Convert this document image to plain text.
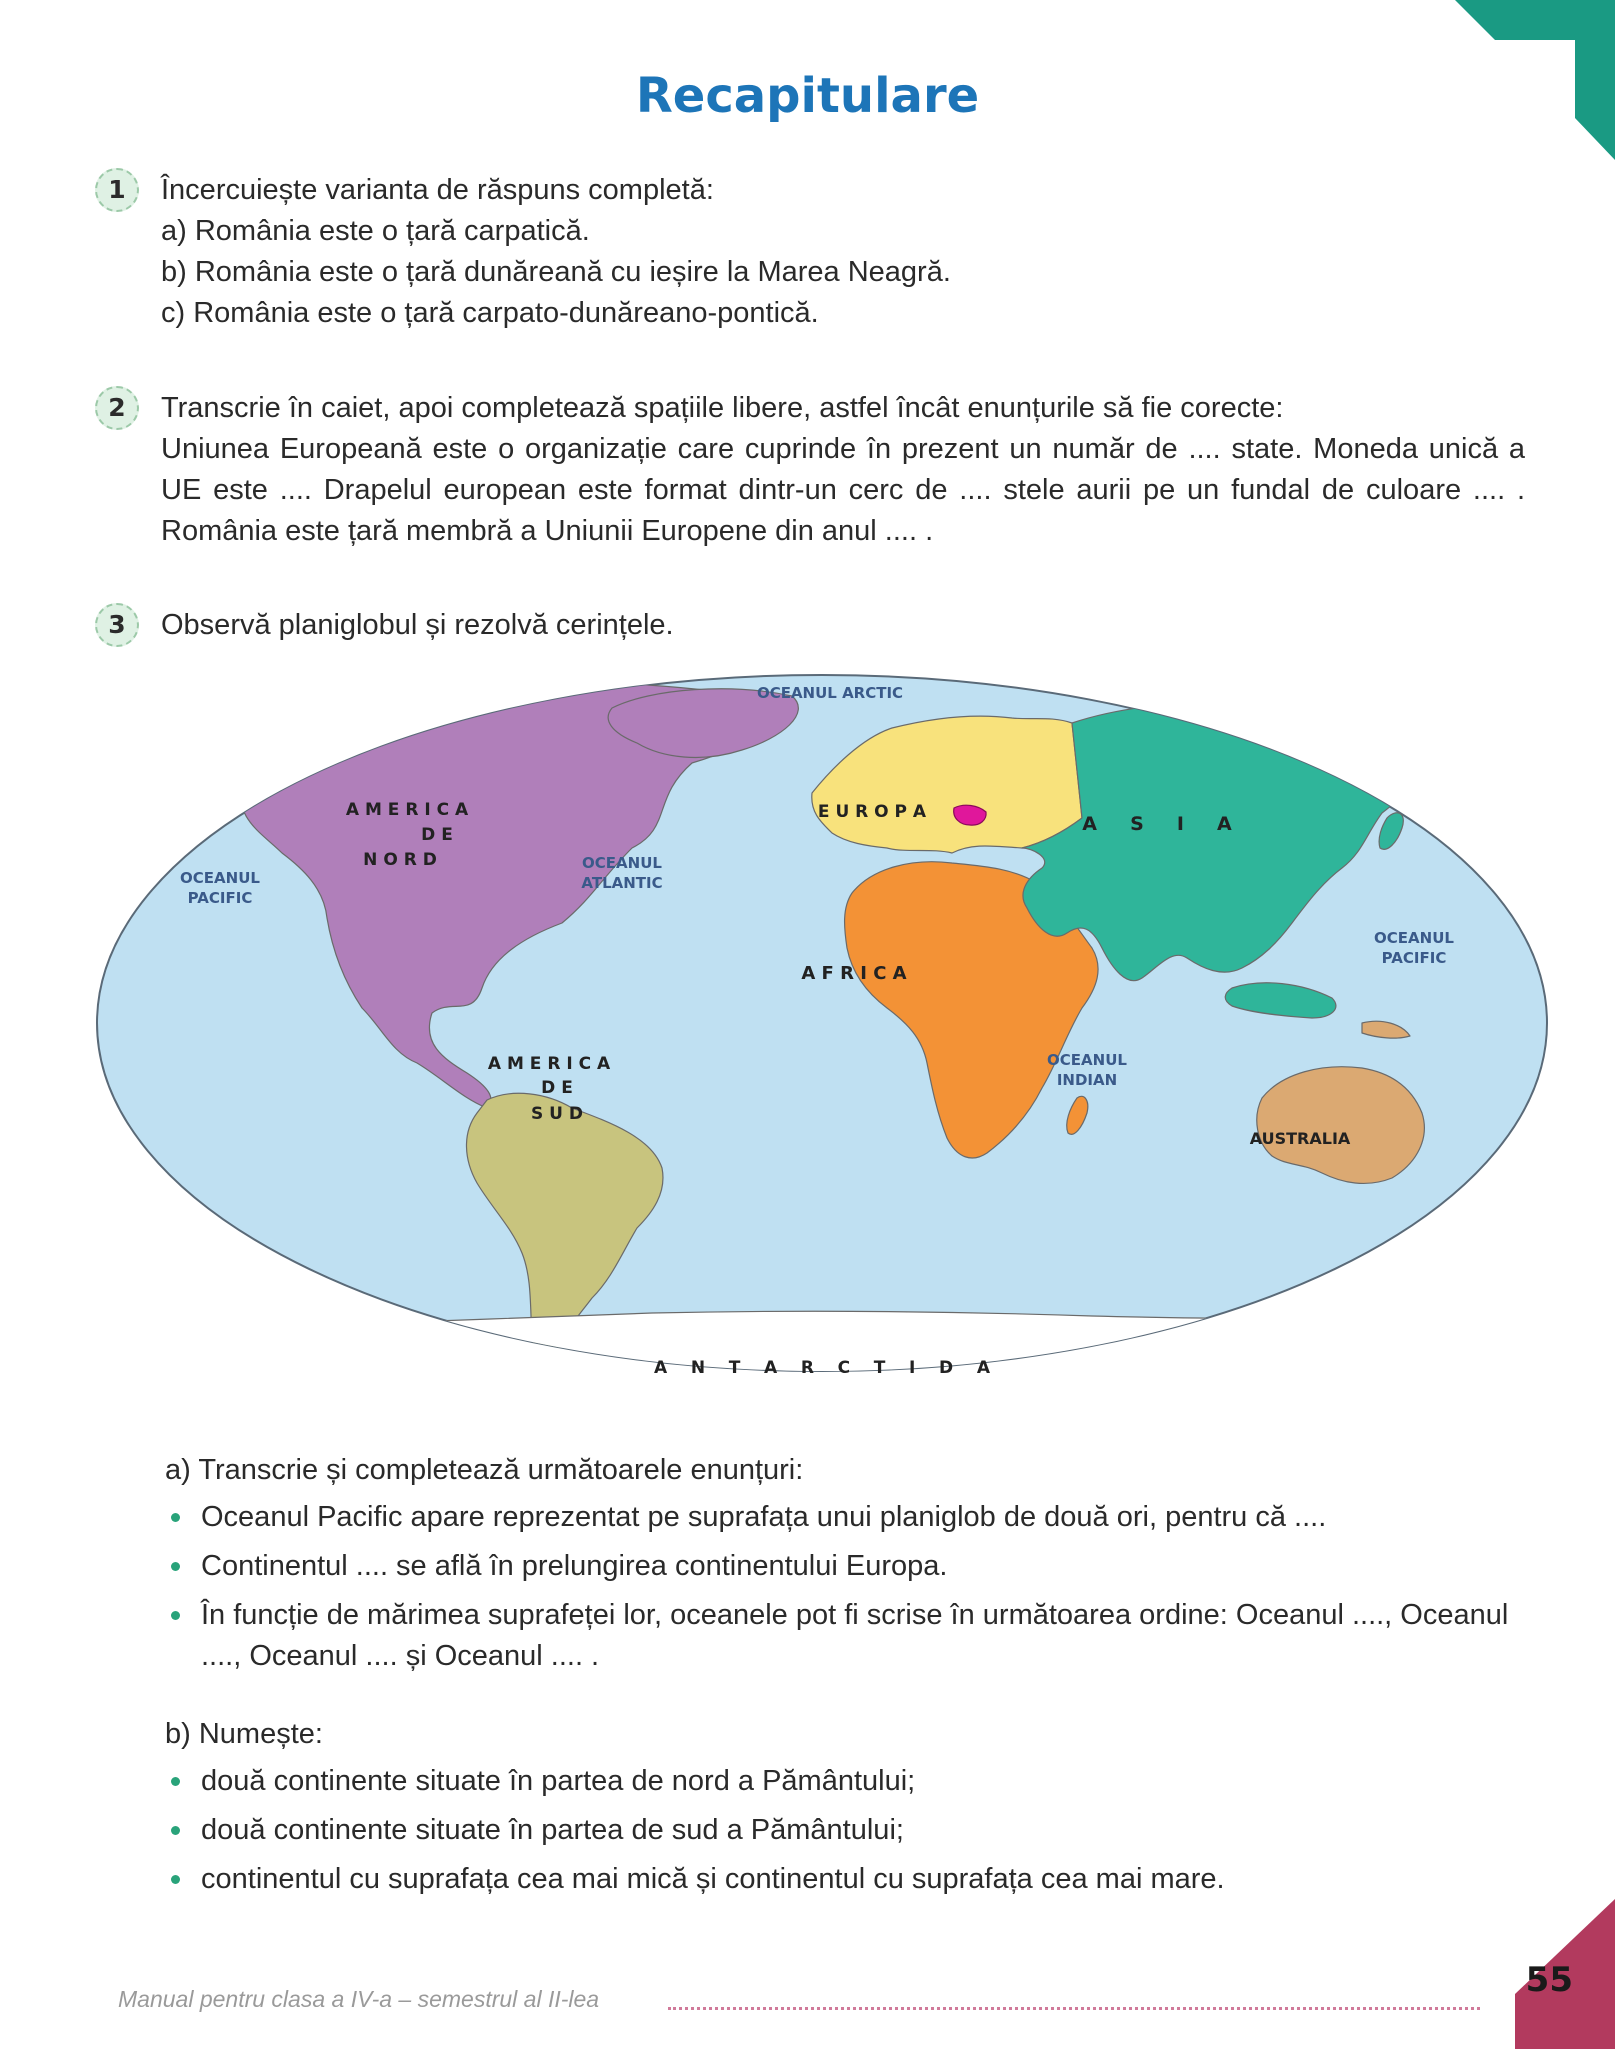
Recapitulare
1	Încercuiește varianta de răspuns completă:

a) România este o țară carpatică.

b) România este o țară dunăreană cu ieșire la Marea Neagră.

c) România este o țară carpato-dunăreano-pontică.

2	Transcrie în caiet, apoi completează spațiile libere, astfel încât enunțurile să fie corecte:

Uniunea Europeană este o organizație care cuprinde în prezent un număr de .... state. Moneda unică a UE este .... Drapelul european este format dintr-un cerc de .... stele aurii pe un fundal de culoare .... . România este țară membră a Uniunii Europene din anul .... .

3	Observă planiglobul și rezolvă cerințele.

OCEANUL ARCTIC
OCEANUL
PACIFIC
OCEANUL
ATLANTIC
OCEANUL
PACIFIC
OCEANUL
INDIAN
A M E R I C A
D E
N O R D
A M E R I C A
D E
S U D
E U R O P A
A     S     I     A
A F R I C A
AUSTRALIA
A    N    T    A    R    C    T    I    D    A

a) Transcrie și completează următoarele enunțuri:

Oceanul Pacific apare reprezentat pe suprafața unui planiglob de două ori, pentru că ....
Continentul .... se află în prelungirea continentului Europa.
În funcție de mărimea suprafeței lor, oceanele pot fi scrise în următoarea ordine: Oceanul ...., Oceanul ...., Oceanul .... și Oceanul .... .

b) Numește:

două continente situate în partea de nord a Pământului;
două continente situate în partea de sud a Pământului;
continentul cu suprafața cea mai mică și continentul cu suprafața cea mai mare.
Manual pentru clasa a IV-a – semestrul al II-lea	55
